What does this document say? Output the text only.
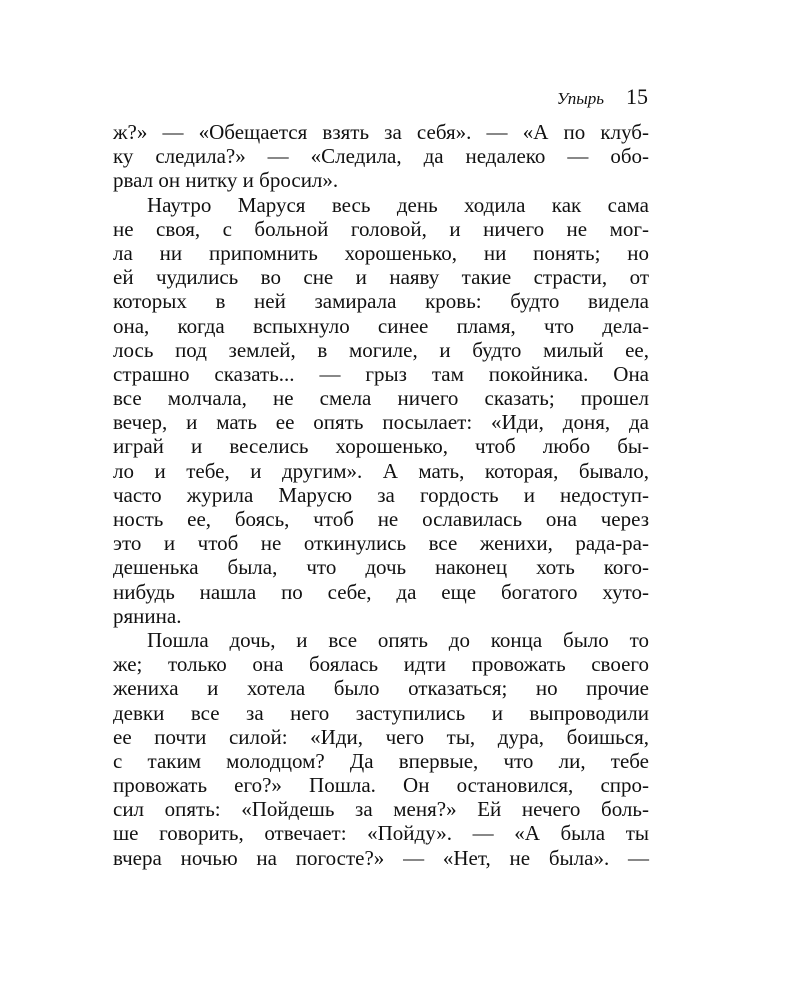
Упырь 15
ж?» — «Обещается взять за себя». — «А по клуб-
ку следила?» — «Следила, да недалеко — обо-
рвал он нитку и бросил».
Наутро Маруся весь день ходила как сама
не своя, с больной головой, и ничего не мог-
ла ни припомнить хорошенько, ни понять; но
ей чудились во сне и наяву такие страсти, от
которых в ней замирала кровь: будто видела
она, когда вспыхнуло синее пламя, что дела-
лось под землей, в могиле, и будто милый ее,
страшно сказать... — грыз там покойника. Она
все молчала, не смела ничего сказать; прошел
вечер, и мать ее опять посылает: «Иди, доня, да
играй и веселись хорошенько, чтоб любо бы-
ло и тебе, и другим». А мать, которая, бывало,
часто журила Марусю за гордость и недоступ-
ность ее, боясь, чтоб не ославилась она через
это и чтоб не откинулись все женихи, рада-ра-
дешенька была, что дочь наконец хоть кого-
нибудь нашла по себе, да еще богатого хуто-
рянина.
Пошла дочь, и все опять до конца было то
же; только она боялась идти провожать своего
жениха и хотела было отказаться; но прочие
девки все за него заступились и выпроводили
ее почти силой: «Иди, чего ты, дура, боишься,
с таким молодцом? Да впервые, что ли, тебе
провожать его?» Пошла. Он остановился, спро-
сил опять: «Пойдешь за меня?» Ей нечего боль-
ше говорить, отвечает: «Пойду». — «А была ты
вчера ночью на погосте?» — «Нет, не была». —
